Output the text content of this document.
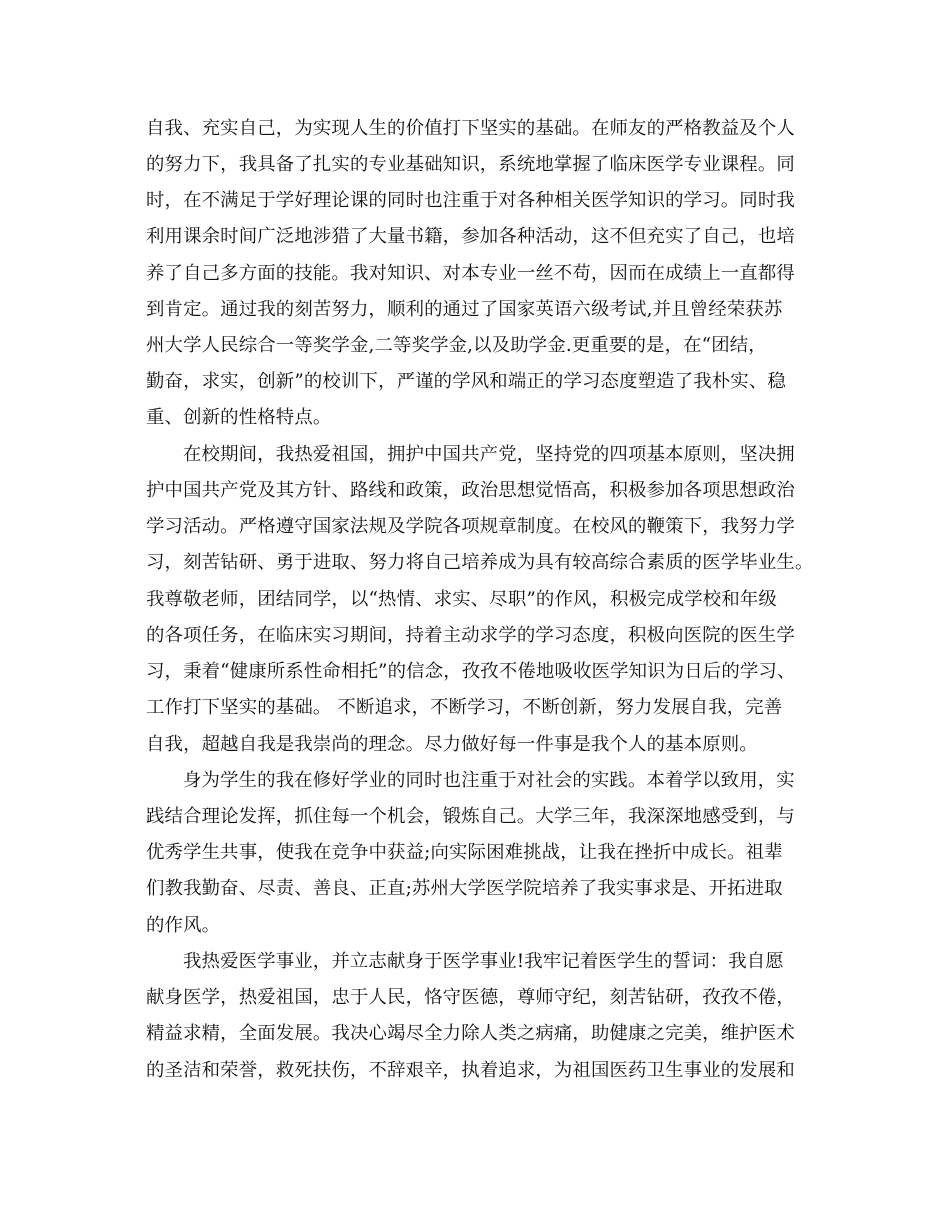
自我、充实自己，为实现人生的价值打下坚实的基础。在师友的严格教益及个人
的努力下，我具备了扎实的专业基础知识，系统地掌握了临床医学专业课程。同
时，在不满足于学好理论课的同时也注重于对各种相关医学知识的学习。同时我
利用课余时间广泛地涉猎了大量书籍，参加各种活动，这不但充实了自己，也培
养了自己多方面的技能。我对知识、对本专业一丝不苟，因而在成绩上一直都得
到肯定。通过我的刻苦努力，顺利的通过了国家英语六级考试,并且曾经荣获苏
州大学人民综合一等奖学金,二等奖学金,以及助学金.更重要的是，在“团结，
勤奋，求实，创新”的校训下，严谨的学风和端正的学习态度塑造了我朴实、稳
重、创新的性格特点。
在校期间，我热爱祖国，拥护中国共产党，坚持党的四项基本原则，坚决拥
护中国共产党及其方针、路线和政策，政治思想觉悟高，积极参加各项思想政治
学习活动。严格遵守国家法规及学院各项规章制度。在校风的鞭策下，我努力学
习，刻苦钻研、勇于进取、努力将自己培养成为具有较高综合素质的医学毕业生。
我尊敬老师，团结同学，以“热情、求实、尽职”的作风，积极完成学校和年级
的各项任务，在临床实习期间，持着主动求学的学习态度，积极向医院的医生学
习，秉着“健康所系性命相托”的信念，孜孜不倦地吸收医学知识为日后的学习、
工作打下坚实的基础。 不断追求，不断学习，不断创新，努力发展自我，完善
自我，超越自我是我崇尚的理念。尽力做好每一件事是我个人的基本原则。
身为学生的我在修好学业的同时也注重于对社会的实践。本着学以致用，实
践结合理论发挥，抓住每一个机会，锻炼自己。大学三年，我深深地感受到，与
优秀学生共事，使我在竞争中获益;向实际困难挑战，让我在挫折中成长。祖辈
们教我勤奋、尽责、善良、正直;苏州大学医学院培养了我实事求是、开拓进取
的作风。
我热爱医学事业，并立志献身于医学事业!我牢记着医学生的誓词：我自愿
献身医学，热爱祖国，忠于人民，恪守医德，尊师守纪，刻苦钻研，孜孜不倦，
精益求精，全面发展。我决心竭尽全力除人类之病痛，助健康之完美，维护医术
的圣洁和荣誉，救死扶伤，不辞艰辛，执着追求，为祖国医药卫生事业的发展和
